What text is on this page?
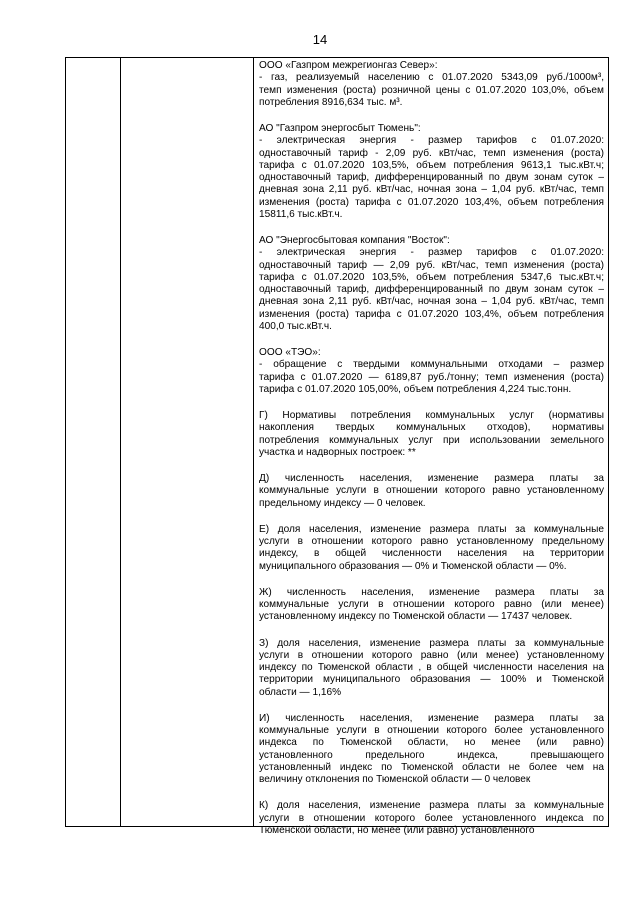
14
ООО «Газпром межрегионгаз Север»:
- газ, реализуемый населению с 01.07.2020 5343,09 руб./1000м³,
темп изменения (роста) розничной цены с 01.07.2020 103,0%, объем
потребления 8916,634 тыс. м³.
АО "Газпром энергосбыт Тюмень":
- электрическая энергия - размер тарифов с 01.07.2020:
одноставочный тариф - 2,09 руб. кВт/час, темп изменения (роста)
тарифа с 01.07.2020 103,5%, объем потребления 9613,1 тыс.кВт.ч;
одноставочный тариф, дифференцированный по двум зонам суток –
дневная зона 2,11 руб. кВт/час, ночная зона – 1,04 руб. кВт/час, темп
изменения (роста) тарифа с 01.07.2020 103,4%, объем потребления
15811,6 тыс.кВт.ч.
АО "Энергосбытовая компания "Восток":
- электрическая энергия - размер тарифов с 01.07.2020:
одноставочный тариф — 2,09 руб. кВт/час, темп изменения (роста)
тарифа с 01.07.2020 103,5%, объем потребления 5347,6 тыс.кВт.ч;
одноставочный тариф, дифференцированный по двум зонам суток –
дневная зона 2,11 руб. кВт/час, ночная зона – 1,04 руб. кВт/час, темп
изменения (роста) тарифа с 01.07.2020 103,4%, объем потребления
400,0 тыс.кВт.ч.
ООО «ТЭО»:
- обращение с твердыми коммунальными отходами – размер
тарифа с 01.07.2020 — 6189,87 руб./тонну; темп изменения (роста)
тарифа с 01.07.2020 105,00%, объем потребления 4,224 тыс.тонн.
Г) Нормативы потребления коммунальных услуг (нормативы
накопления твердых коммунальных отходов), нормативы
потребления коммунальных услуг при использовании земельного
участка и надворных построек: **
Д) численность населения, изменение размера платы за
коммунальные услуги в отношении которого равно установленному
предельному индексу — 0 человек.
Е) доля населения, изменение размера платы за коммунальные
услуги в отношении которого равно установленному предельному
индексу, в общей численности населения на территории
муниципального образования — 0% и Тюменской области — 0%.
Ж) численность населения, изменение размера платы за
коммунальные услуги в отношении которого равно (или менее)
установленному индексу по Тюменской области — 17437 человек.
З) доля населения, изменение размера платы за коммунальные
услуги в отношении которого равно (или менее) установленному
индексу по Тюменской области , в общей численности населения на
территории муниципального образования — 100% и Тюменской
области — 1,16%
И) численность населения, изменение размера платы за
коммунальные услуги в отношении которого более установленного
индекса по Тюменской области, но менее (или равно)
установленного предельного индекса, превышающего
установленный индекс по Тюменской области не более чем на
величину отклонения по Тюменской области — 0 человек
К) доля населения, изменение размера платы за коммунальные
услуги в отношении которого более установленного индекса по
Тюменской области, но менее (или равно) установленного
